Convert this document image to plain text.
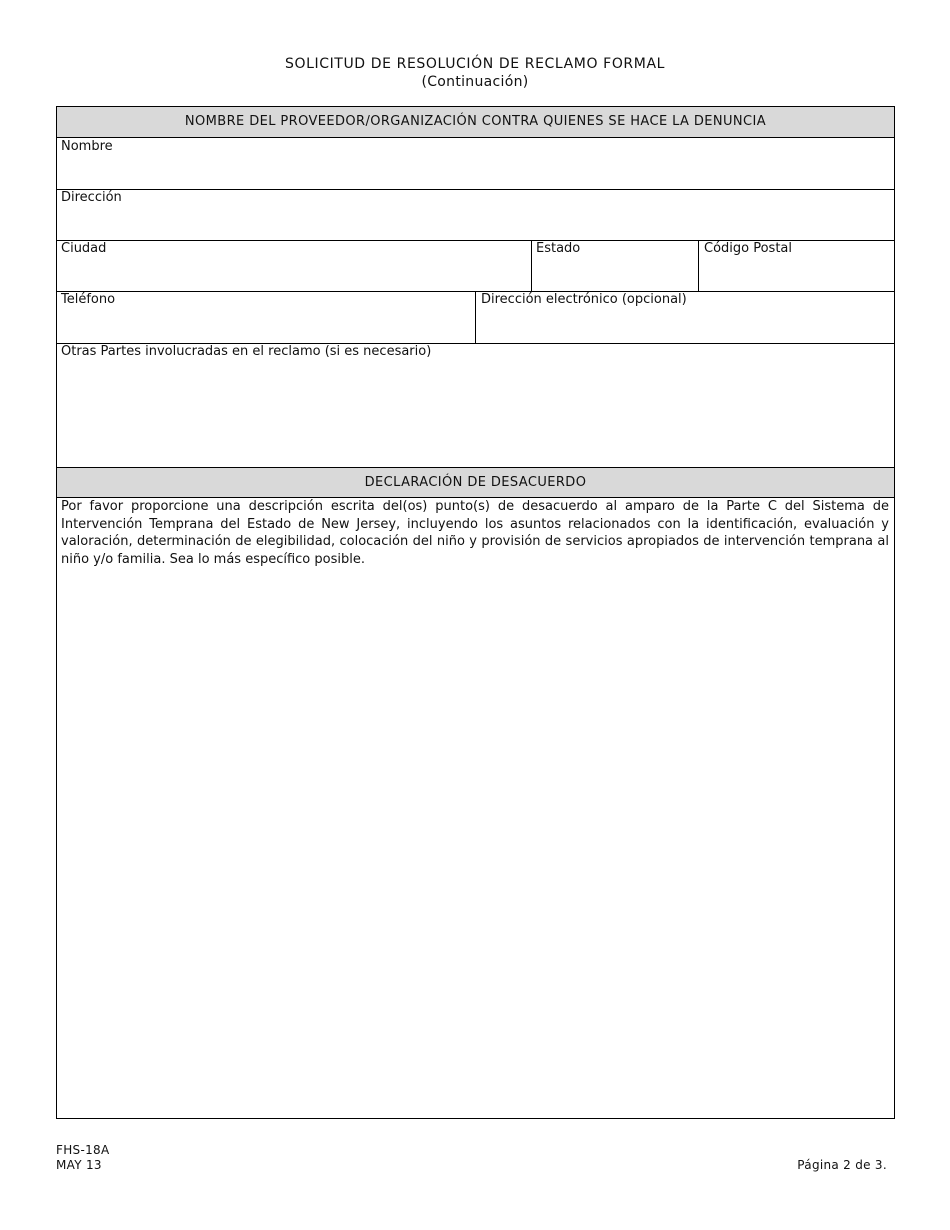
SOLICITUD DE RESOLUCIÓN DE RECLAMO FORMAL
(Continuación)
NOMBRE DEL PROVEEDOR/ORGANIZACIÓN CONTRA QUIENES SE HACE LA DENUNCIA
Nombre
Dirección
Ciudad	Estado	Código Postal
Teléfono	Dirección electrónico (opcional)
Otras Partes involucradas en el reclamo (si es necesario)
DECLARACIÓN DE DESACUERDO
Por favor proporcione una descripción escrita del(os) punto(s) de desacuerdo al amparo de la Parte C del Sistema de Intervención Temprana del Estado de New Jersey, incluyendo los asuntos relacionados con la identificación, evaluación y valoración, determinación de elegibilidad, colocación del niño y provisión de servicios apropiados de intervención temprana al niño y/o familia. Sea lo más específico posible.
FHS-18A
MAY 13	Página 2 de 3.
